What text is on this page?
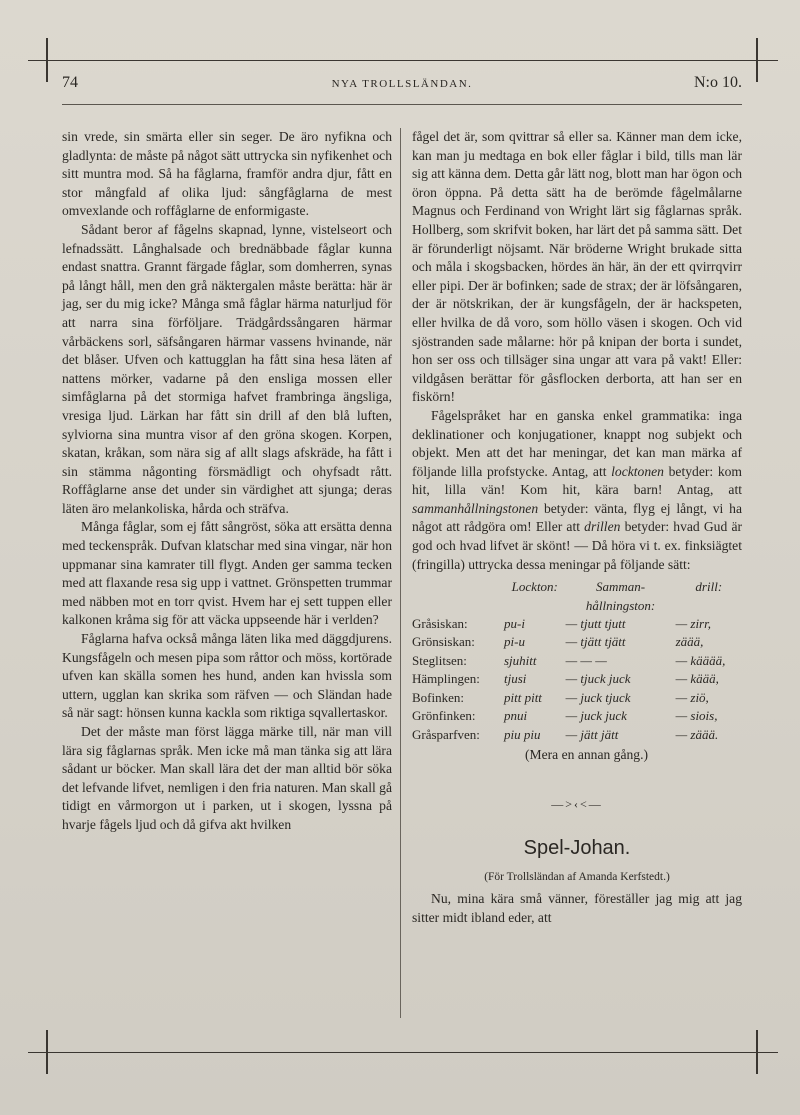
74	NYA TROLLSLÄNDAN.	N:o 10.

sin vrede, sin smärta eller sin seger. De äro nyfikna och gladlynta: de måste på något sätt uttrycka sin nyfikenhet och sitt muntra mod. Så ha fåglarna, framför andra djur, fått en stor mångfald af olika ljud: sångfåglarna de mest omvexlande och roffåglarne de enformigaste.

Sådant beror af fågelns skapnad, lynne, vistelseort och lefnadssätt. Långhalsade och brednäbbade fåglar kunna endast snattra. Grannt färgade fåglar, som domherren, synas på långt håll, men den grå näktergalen måste berätta: här är jag, ser du mig icke? Många små fåglar härma naturljud för att narra sina förföljare. Trädgårdssångaren härmar vårbäckens sorl, säfsångaren härmar vassens hvinande, när det blåser. Ufven och kattugglan ha fått sina hesa läten af nattens mörker, vadarne på den ensliga mossen eller simfåglarna på det stormiga hafvet frambringa ängsliga, vresiga ljud. Lärkan har fått sin drill af den blå luften, sylviorna sina muntra visor af den gröna skogen. Korpen, skatan, kråkan, som nära sig af allt slags afskräde, ha fått i sin stämma någonting försmädligt och ohyfsadt rått. Roffåglarne anse det under sin värdighet att sjunga; deras läten äro melankoliska, hårda och sträfva.

Många fåglar, som ej fått sångröst, söka att ersätta denna med teckenspråk. Dufvan klatschar med sina vingar, när hon uppmanar sina kamrater till flygt. Anden ger samma tecken med att flaxande resa sig upp i vattnet. Grönspetten trummar med näbben mot en torr qvist. Hvem har ej sett tuppen eller kalkonen kråma sig för att väcka uppseende här i verlden?

Fåglarna hafva också många läten lika med däggdjurens. Kungsfågeln och mesen pipa som råttor och möss, kortörade ufven kan skälla somen hes hund, anden kan hvissla som uttern, ugglan kan skrika som räfven — och Sländan hade så när sagt: hönsen kunna kackla som riktiga sqvallertaskor.

Det der måste man först lägga märke till, när man vill lära sig fåglarnas språk. Men icke må man tänka sig att lära sådant ur böcker. Man skall lära det der man alltid bör söka det lefvande lifvet, nemligen i den fria naturen. Man skall gå tidigt en vårmorgon ut i parken, ut i skogen, lyssna på hvarje fågels ljud och då gifva akt hvilken

fågel det är, som qvittrar så eller sa. Känner man dem icke, kan man ju medtaga en bok eller fåglar i bild, tills man lär sig att känna dem. Detta går lätt nog, blott man har ögon och öron öppna. På detta sätt ha de berömde fågelmålarne Magnus och Ferdinand von Wright lärt sig fåglarnas språk. Hollberg, som skrifvit boken, har lärt det på samma sätt. Det är förunderligt nöjsamt. När bröderne Wright brukade sitta och måla i skogsbacken, hördes än här, än der ett qvirrqvirr eller pipi. Der är bofinken; sade de strax; der är löfsångaren, der är nötskrikan, der är kungsfågeln, der är hackspeten, eller hvilka de då voro, som höllo väsen i skogen. Och vid sjöstranden sade målarne: hör på knipan der borta i sundet, hon ser oss och tillsäger sina ungar att vara på vakt! Eller: vildgåsen berättar för gåsflocken derborta, att han ser en fiskörn!

Fågelspråket har en ganska enkel grammatika: inga deklinationer och konjugationer, knappt nog subjekt och objekt. Men att det har meningar, det kan man märka af följande lilla profstycke. Antag, att locktonen betyder: kom hit, lilla vän! Kom hit, kära barn! Antag, att sammanhållningstonen betyder: vänta, flyg ej långt, vi ha något att rådgöra om! Eller att drillen betyder: hvad Gud är god och hvad lifvet är skönt! — Då höra vi t. ex. finksiägtet (fringilla) uttrycka dessa meningar på följande sätt:

	Lockton:	Samman-hållningston:	drill:
Gråsiskan:	pu-i	— tjutt tjutt	— zirr,
Grönsiskan:	pi-u	— tjätt tjätt	zäää,
Steglitsen:	sjuhitt	— — —	— kääää,
Hämplingen:	tjusi	— tjuck juck	— käää,
Bofinken:	pitt pitt	— juck tjuck	— ziö,
Grönfinken:	pnui	— juck juck	— siois,
Gråsparfven:	piu piu	— jätt jätt	— zäää.

(Mera en annan gång.)

—>‹<—
Spel-Johan.
(För Trollsländan af Amanda Kerfstedt.)

Nu, mina kära små vänner, föreställer jag mig att jag sitter midt ibland eder, att
